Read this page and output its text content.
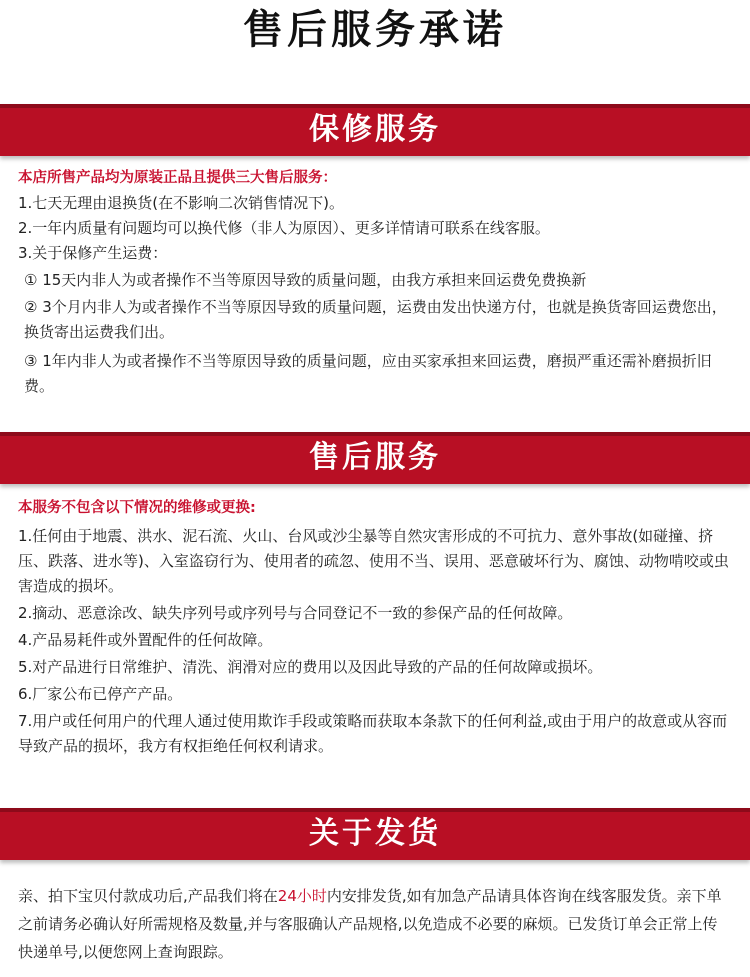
售后服务承诺
保修服务

本店所售产品均为原装正品且提供三大售后服务：

1.七天无理由退换货(在不影响二次销售情况下)。

2.一年内质量有问题均可以换代修（非人为原因）、更多详情请可联系在线客服。

3.关于保修产生运费：

① 15天内非人为或者操作不当等原因导致的质量问题，由我方承担来回运费免费换新

② 3个月内非人为或者操作不当等原因导致的质量问题，运费由发出快递方付，也就是换货寄回运费您出，换货寄出运费我们出。

③ 1年内非人为或者操作不当等原因导致的质量问题，应由买家承担来回运费，磨损严重还需补磨损折旧费。

售后服务

本服务不包含以下情况的维修或更换:

1.任何由于地震、洪水、泥石流、火山、台风或沙尘暴等自然灾害形成的不可抗力、意外事故(如碰撞、挤压、跌落、进水等)、入室盗窃行为、使用者的疏忽、使用不当、误用、恶意破坏行为、腐蚀、动物啃咬或虫害造成的损坏。

2.摘动、恶意涂改、缺失序列号或序列号与合同登记不一致的参保产品的任何故障。

4.产品易耗件或外置配件的任何故障。

5.对产品进行日常维护、清洗、润滑对应的费用以及因此导致的产品的任何故障或损坏。

6.厂家公布已停产产品。

7.用户或任何用户的代理人通过使用欺诈手段或策略而获取本条款下的任何利益,或由于用户的故意或从容而导致产品的损坏，我方有权拒绝任何权利请求。

关于发货

亲、拍下宝贝付款成功后,产品我们将在24小时内安排发货,如有加急产品请具体咨询在线客服发货。亲下单之前请务必确认好所需规格及数量,并与客服确认产品规格,以免造成不必要的麻烦。已发货订单会正常上传快递单号,以便您网上查询跟踪。
